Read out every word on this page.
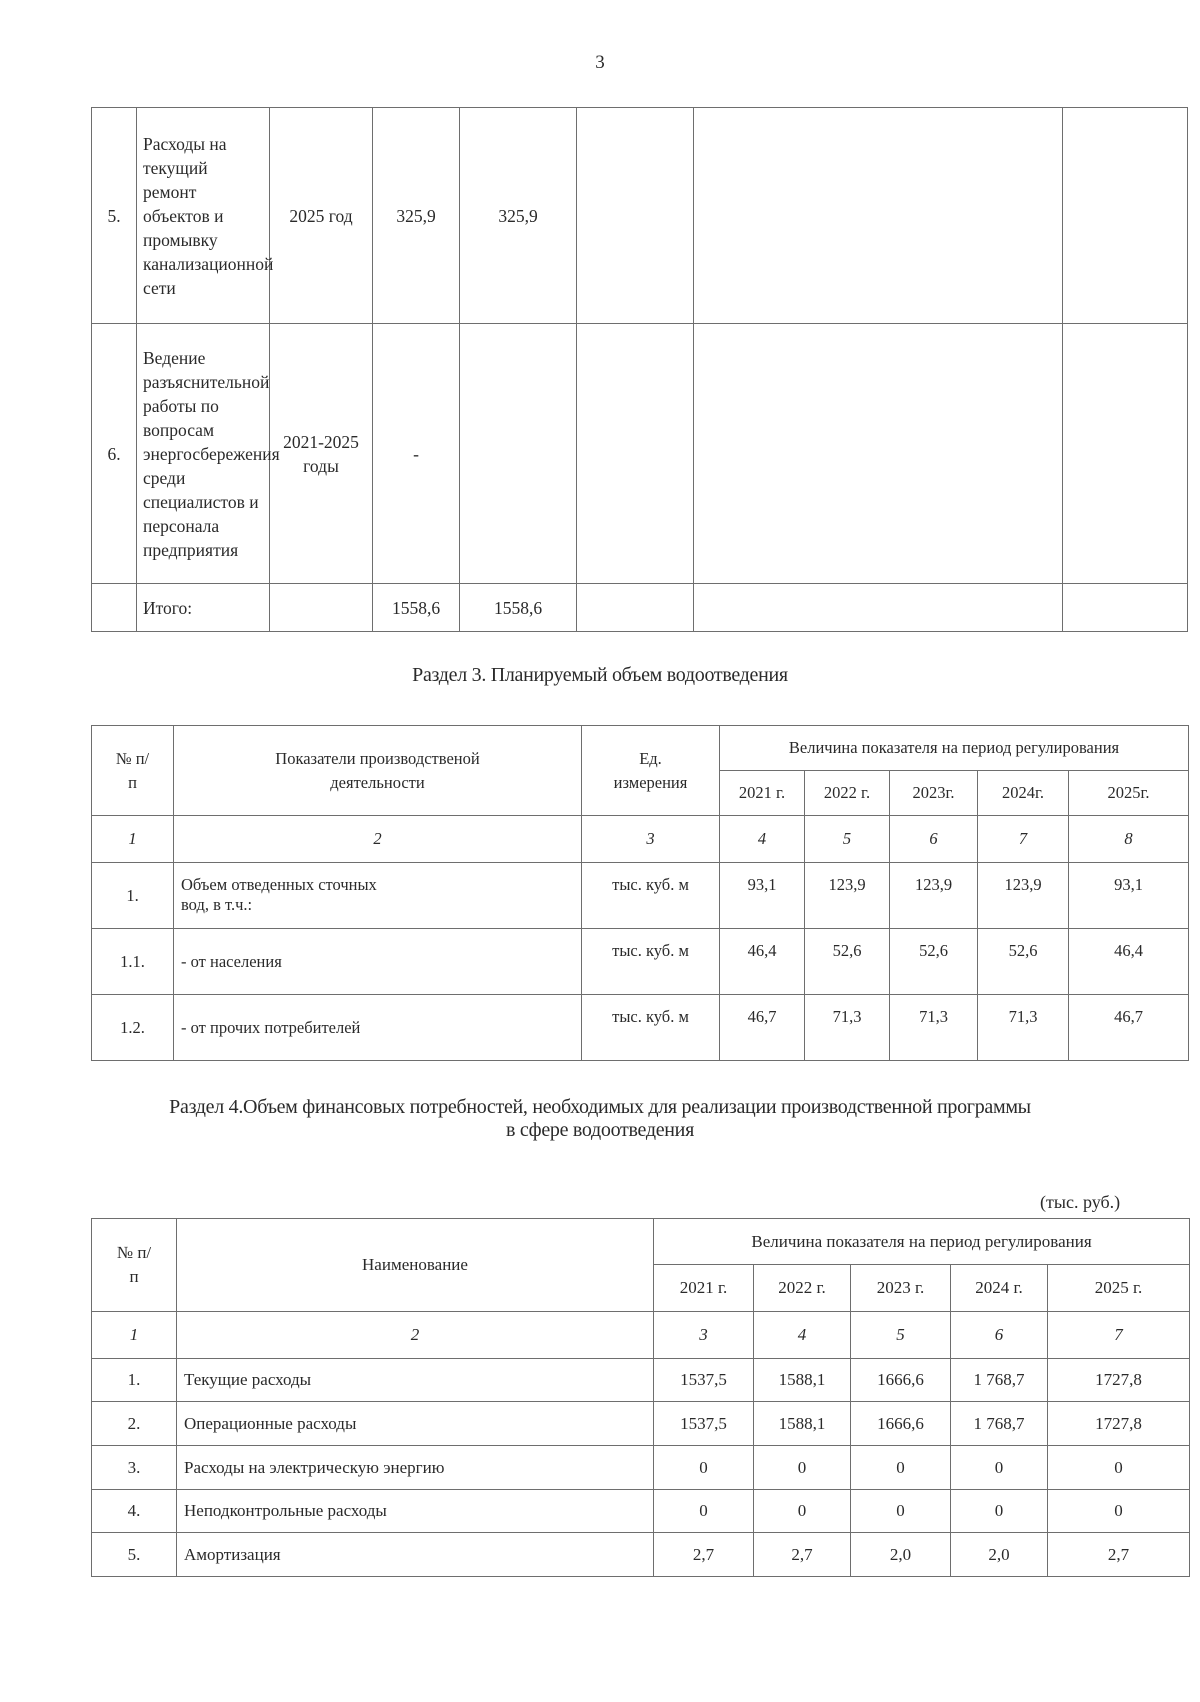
3
5.	Расходы на текущий ремонт объектов и промывку канализационной сети	2025 год	325,9	325,9			
6.	Ведение разъяснительной работы по вопросам энергосбережения среди специалистов и персонала предприятия	2021-2025 годы	-				
	Итого:		1558,6	1558,6			
Раздел 3. Планируемый объем водоотведения
№ п/п	Показатели производственой деятельности	Ед. измерения	Величина показателя на период регулирования				
			2021 г.	2022 г.	2023г.	2024г.	2025г.
1	2	3	4	5	6	7	8
1.	Объем отведенных сточных вод, в т.ч.:	тыс. куб. м	93,1	123,9	123,9	123,9	93,1
1.1.	- от населения	тыс. куб. м	46,4	52,6	52,6	52,6	46,4
1.2.	- от прочих потребителей	тыс. куб. м	46,7	71,3	71,3	71,3	46,7
Раздел 4.Объем финансовых потребностей, необходимых для реализации производственной программы
в сфере водоотведения
(тыс. руб.)
№ п/п	Наименование	Величина показателя на период регулирования				
		2021 г.	2022 г.	2023 г.	2024 г.	2025 г.
1	2	3	4	5	6	7
1.	Текущие расходы	1537,5	1588,1	1666,6	1 768,7	1727,8
2.	Операционные расходы	1537,5	1588,1	1666,6	1 768,7	1727,8
3.	Расходы на электрическую энергию	0	0	0	0	0
4.	Неподконтрольные расходы	0	0	0	0	0
5.	Амортизация	2,7	2,7	2,0	2,0	2,7
